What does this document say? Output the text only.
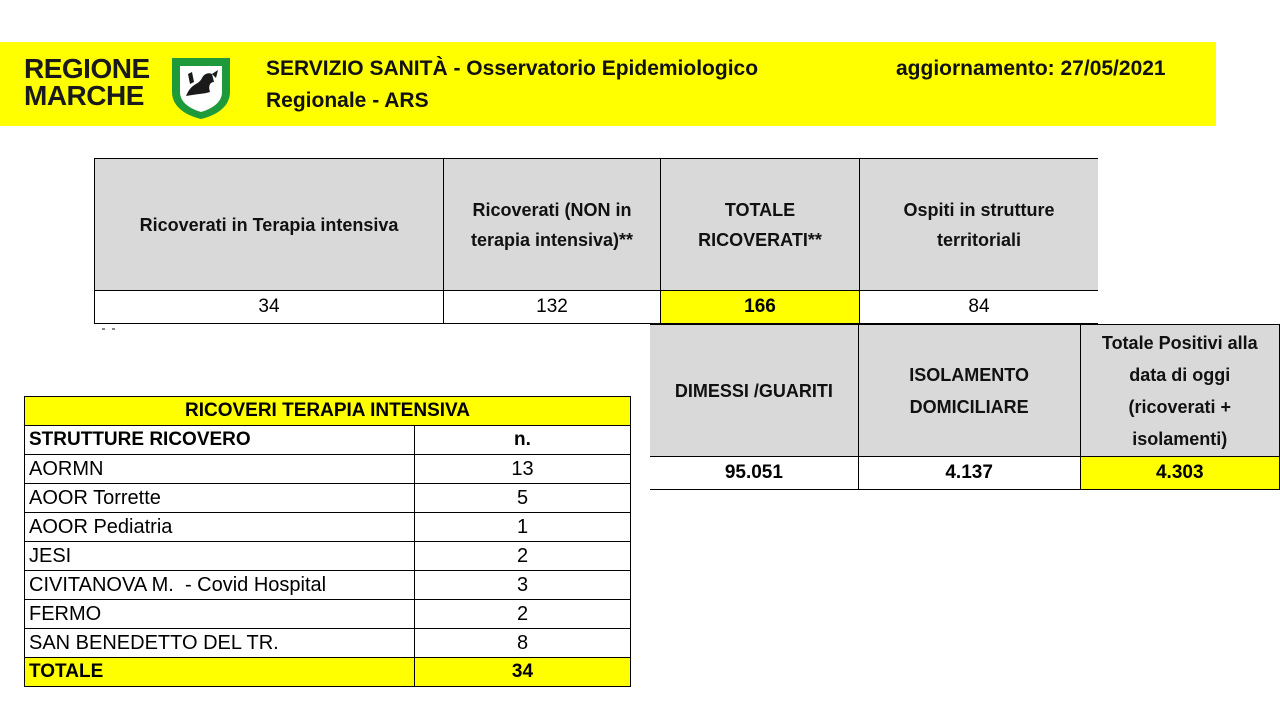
REGIONE
MARCHE
SERVIZIO SANITÀ - Osservatorio Epidemiologico
Regionale - ARS
aggiornamento: 27/05/2021
Ricoverati in Terapia intensiva	Ricoverati (NON in terapia intensiva)**	TOTALE RICOVERATI**	Ospiti in strutture territoriali
34	132	166	84
DIMESSI /GUARITI	ISOLAMENTO DOMICILIARE	Totale Positivi alla data di oggi (ricoverati + isolamenti)
95.051	4.137	4.303
RICOVERI TERAPIA INTENSIVA	
STRUTTURE RICOVERO	n.
AORMN	13
AOOR Torrette	5
AOOR Pediatria	1
JESI	2
CIVITANOVA M.  - Covid Hospital	3
FERMO	2
SAN BENEDETTO DEL TR.	8
TOTALE	34
